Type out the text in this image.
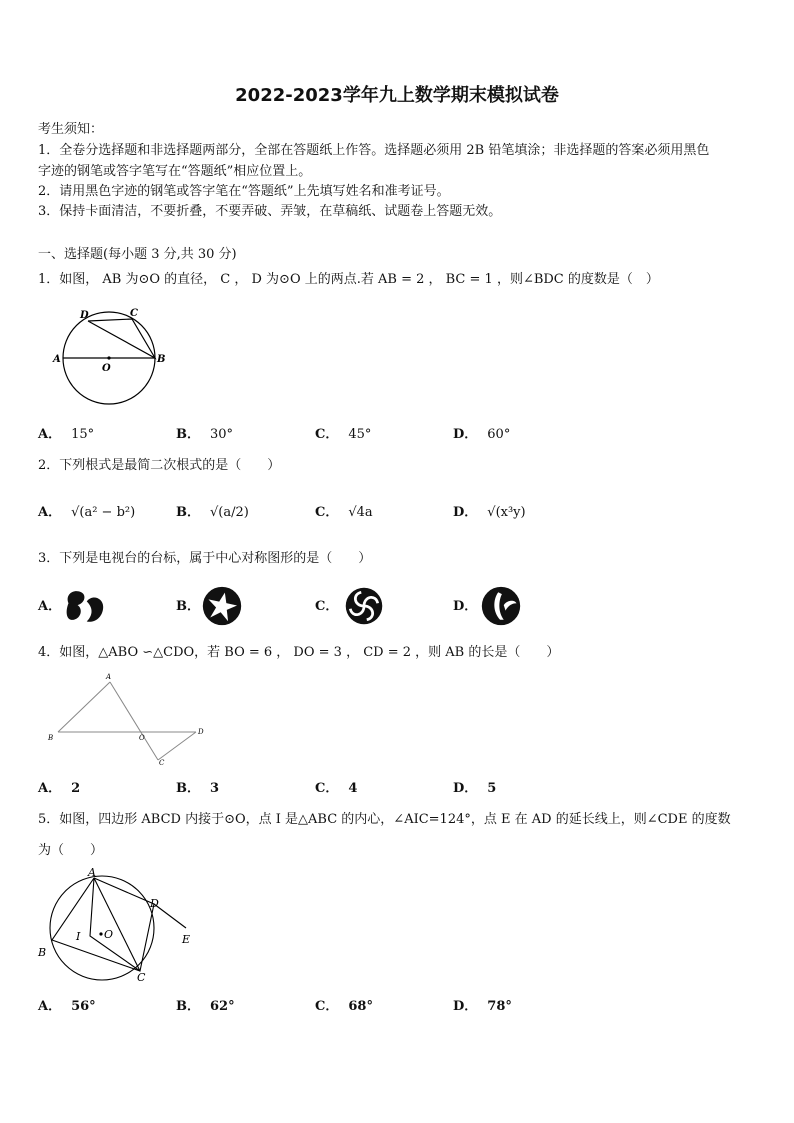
2022-2023学年九上数学期末模拟试卷
考生须知：
1．全卷分选择题和非选择题两部分，全部在答题纸上作答。选择题必须用 2B 铅笔填涂；非选择题的答案必须用黑色
字迹的钢笔或答字笔写在“答题纸”相应位置上。
2．请用黑色字迹的钢笔或答字笔在“答题纸”上先填写姓名和准考证号。
3．保持卡面清洁，不要折叠，不要弄破、弄皱，在草稿纸、试题卷上答题无效。
一、选择题(每小题 3 分,共 30 分)
1．如图， AB 为⊙O 的直径， C ， D 为⊙O 上的两点.若 AB = 2 ， BC = 1 ，则∠BDC 的度数是（　）
A	B
C
D
O
A． 15°	B． 30°	C． 45°	D． 60°
2．下列根式是最简二次根式的是（　　）
A． √(a² − b²)	B． √(a/2)	C． √4a	D． √(x³y)
3．下列是电视台的台标，属于中心对称图形的是（　　）
A．	B．	C．	D．
4．如图，△ABO ∽△CDO，若 BO = 6 ， DO = 3 ， CD = 2 ，则 AB 的长是（　　）
A
B	O
D
C
A． 2	B． 3	C． 4	D． 5
5．如图，四边形 ABCD 内接于⊙O，点 I 是△ABC 的内心，∠AIC=124°，点 E 在 AD 的延长线上，则∠CDE 的度数
为（　　）
A
B
C
D
E
I O
A． 56°	B． 62°	C． 68°	D． 78°
